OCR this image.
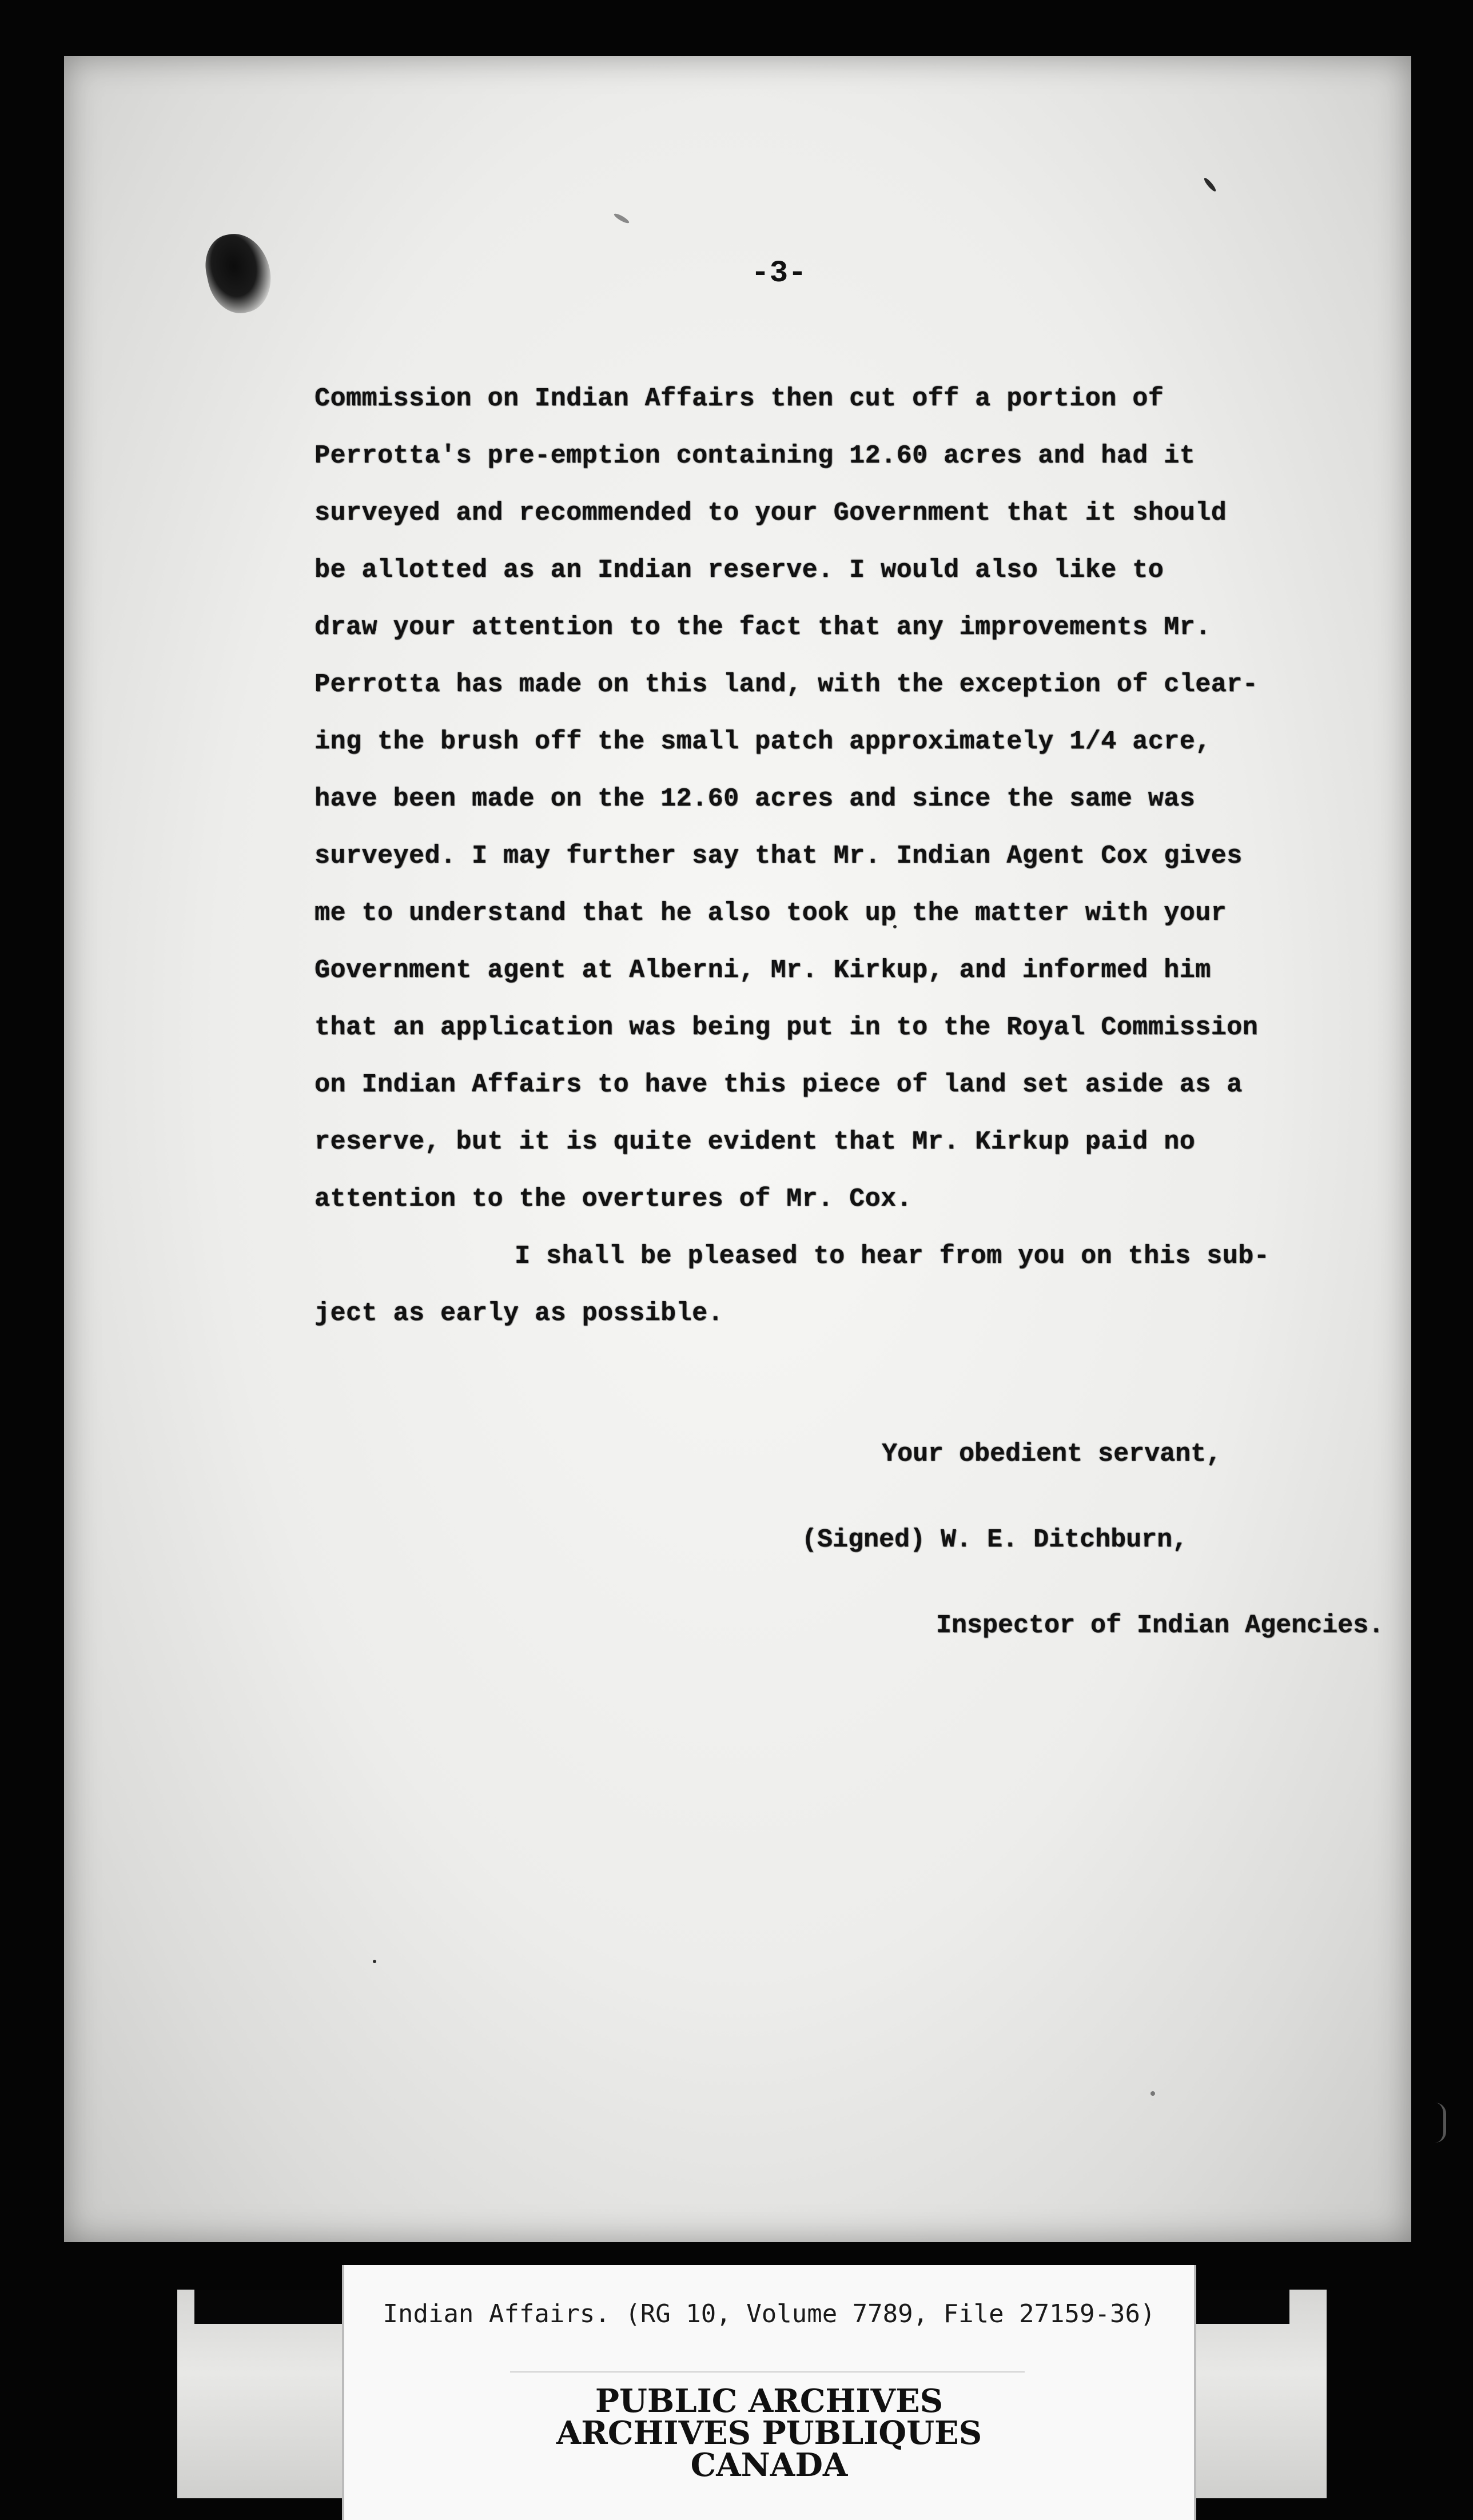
-3-
Commission on Indian Affairs then cut off a portion of
Perrotta's pre-emption containing 12.60 acres and had it
surveyed and recommended to your Government that it should
be allotted as an Indian reserve. I would also like to
draw your attention to the fact that any improvements Mr.
Perrotta has made on this land, with the exception of clear-
ing the brush off the small patch approximately 1/4 acre,
have been made on the 12.60 acres and since the same was
surveyed. I may further say that Mr. Indian Agent Cox gives
me to understand that he also took up the matter with your
Government agent at Alberni, Mr. Kirkup, and informed him
that an application was being put in to the Royal Commission
on Indian Affairs to have this piece of land set aside as a
reserve, but it is quite evident that Mr. Kirkup paid no
attention to the overtures of Mr. Cox.
I shall be pleased to hear from you on this sub-
ject as early as possible.
Your obedient servant,
(Signed) W. E. Ditchburn,
Inspector of Indian Agencies.
Indian Affairs. (RG 10, Volume 7789, File 27159-36)
PUBLIC ARCHIVES
ARCHIVES PUBLIQUES
CANADA
